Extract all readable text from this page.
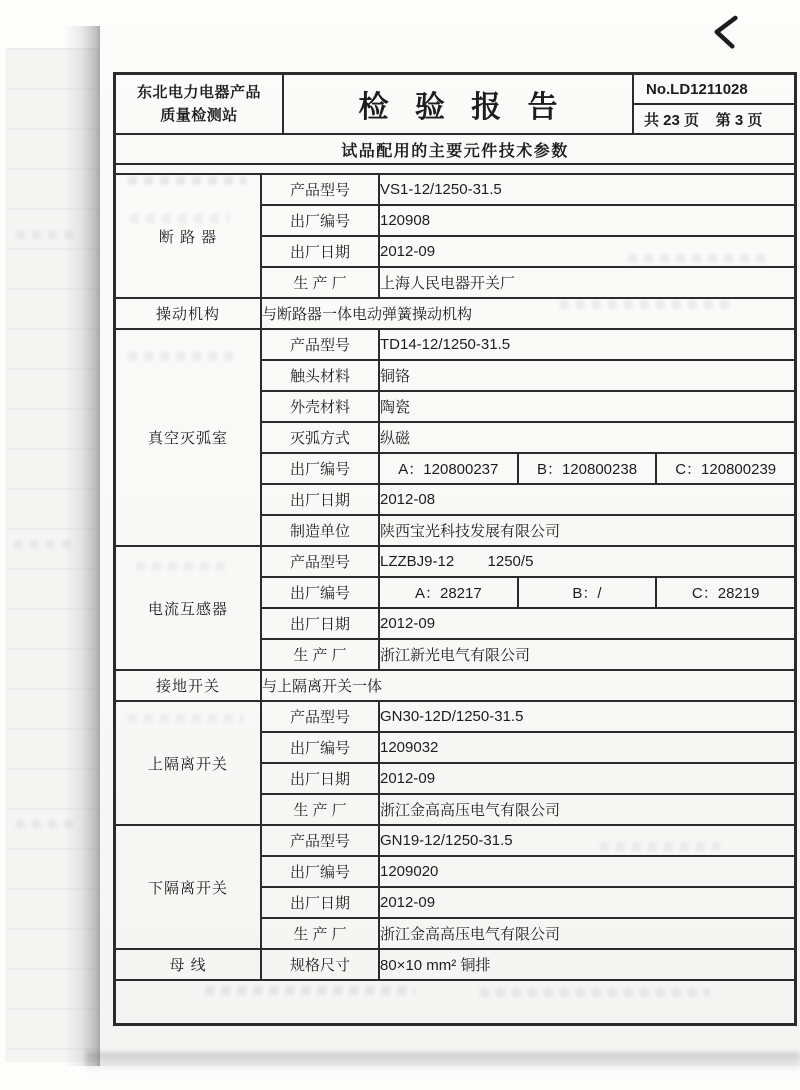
东北电力电器产品
质量检测站	检 验 报 告
No.LD1211028
共 23 页    第 3 页
试品配用的主要元件技术参数
断 路 器	产品型号	VS1-12/1250-31.5
	出厂编号	120908
	出厂日期	2012-09
	生 产 厂	上海人民电器开关厂
操动机构	与断路器一体电动弹簧操动机构	
真空灭弧室	产品型号	TD14-12/1250-31.5
	触头材料	铜铬
	外壳材料	陶瓷
	灭弧方式	纵磁
	出厂编号	A：120800237 B：120800238 C：120800239

	出厂日期	2012-08
	制造单位	陕西宝光科技发展有限公司
电流互感器	产品型号	LZZBJ9-12        1250/5
	出厂编号	A：28217 B：/ C：28219

	出厂日期	2012-09
	生 产 厂	浙江新光电气有限公司
接地开关	与上隔离开关一体	
上隔离开关	产品型号	GN30-12D/1250-31.5
	出厂编号	1209032
	出厂日期	2012-09
	生 产 厂	浙江金高高压电气有限公司
下隔离开关	产品型号	GN19-12/1250-31.5
	出厂编号	1209020
	出厂日期	2012-09
	生 产 厂	浙江金高高压电气有限公司
母 线	规格尺寸	80×10 mm² 铜排
